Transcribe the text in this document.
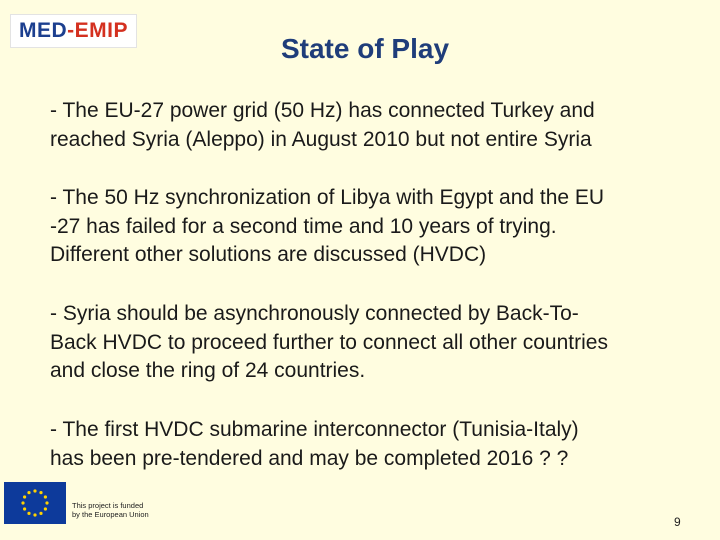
MED - EMIP
State of Play
- The EU-27 power grid (50 Hz) has connected Turkey and
reached Syria (Aleppo) in August 2010 but not entire Syria
- The 50 Hz synchronization of Libya with Egypt and the EU
-27 has failed for a second time and 10 years of trying.
Different other solutions are discussed (HVDC)
- Syria should be asynchronously connected by Back-To-
Back HVDC to proceed further to connect all other countries
and close the ring of 24 countries.
- The first HVDC submarine interconnector (Tunisia-Italy)
has been pre-tendered and may be completed 2016 ? ?
This project is funded
by the European Union
9
